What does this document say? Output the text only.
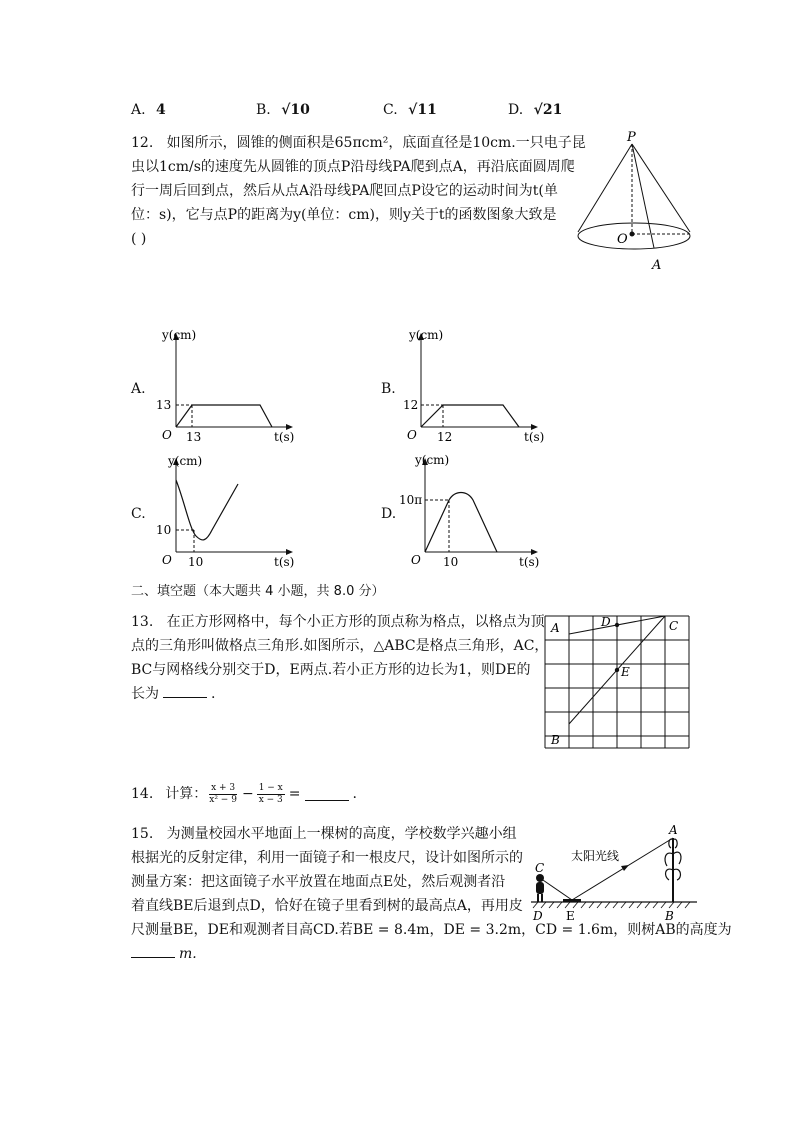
A. 4	B. √10	C. √11	D. √21
12. 如图所示，圆锥的侧面积是65πcm²，底面直径是10cm.一只电子昆
虫以1cm/s的速度先从圆锥的顶点P沿母线PA爬到点A，再沿底面圆周爬
行一周后回到点，然后从点A沿母线PA爬回点P设它的运动时间为t(单
位：s)，它与点P的距离为y(单位：cm)，则y关于t的函数图象大致是
( )
P
O
A
A.
y(cm)
t(s)
O
13
13
B.
y(cm)
t(s)
O
12
12
C.
y(cm)
t(s)
O
10
10
D.
y(cm)
t(s)
O
10π
10
二、填空题（本大题共 4 小题，共 8.0 分）
13. 在正方形网格中，每个小正方形的顶点称为格点，以格点为顶
点的三角形叫做格点三角形.如图所示，△ABC是格点三角形，AC，
BC与网格线分别交于D，E两点.若小正方形的边长为1，则DE的
长为	.
A
B
C
D
E
14. 计算： $\frac{x + 3}{\text{x² − 9}} - \frac{1 - x}{x - 3}$ =	.
15. 为测量校园水平地面上一棵树的高度，学校数学兴趣小组
根据光的反射定律，利用一面镜子和一根皮尺，设计如图所示的
测量方案：把这面镜子水平放置在地面点E处，然后观测者沿
着直线BE后退到点D，恰好在镜子里看到树的最高点A，再用皮
尺测量BE，DE和观测者目高CD.若BE = 8.4m，DE = 3.2m，CD = 1.6m，则树AB的高度为
m.
A
B
C
D E
太阳光线
